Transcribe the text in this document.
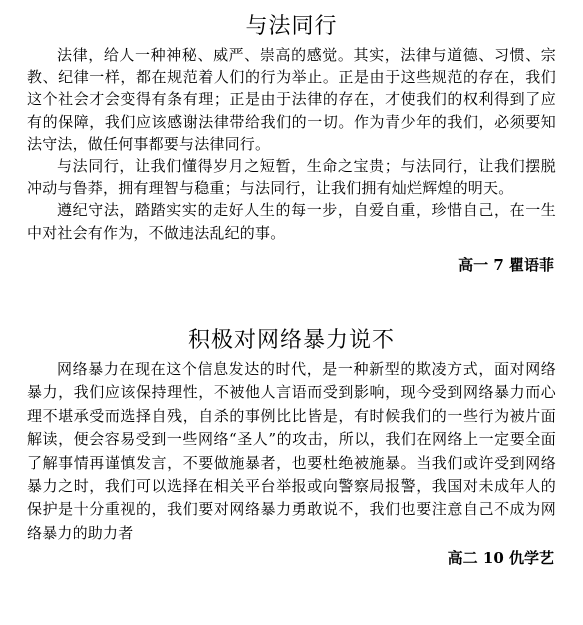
与法同行

法律，给人一种神秘、威严、崇高的感觉。其实，法律与道德、习惯、宗教、纪律一样，都在规范着人们的行为举止。正是由于这些规范的存在，我们这个社会才会变得有条有理；正是由于法律的存在，才使我们的权利得到了应有的保障，我们应该感谢法律带给我们的一切。作为青少年的我们，必须要知法守法，做任何事都要与法律同行。

与法同行，让我们懂得岁月之短暂，生命之宝贵；与法同行，让我们摆脱冲动与鲁莽，拥有理智与稳重；与法同行，让我们拥有灿烂辉煌的明天。

遵纪守法，踏踏实实的走好人生的每一步，自爱自重，珍惜自己，在一生中对社会有作为，不做违法乱纪的事。

高一 7 瞿语菲
积极对网络暴力说不

网络暴力在现在这个信息发达的时代，是一种新型的欺凌方式，面对网络暴力，我们应该保持理性，不被他人言语而受到影响，现今受到网络暴力而心理不堪承受而选择自残，自杀的事例比比皆是，有时候我们的一些行为被片面解读，便会容易受到一些网络“圣人”的攻击，所以，我们在网络上一定要全面了解事情再谨慎发言，不要做施暴者，也要杜绝被施暴。当我们或许受到网络暴力之时，我们可以选择在相关平台举报或向警察局报警，我国对未成年人的保护是十分重视的，我们要对网络暴力勇敢说不，我们也要注意自己不成为网络暴力的助力者

高二 10 仇学艺
